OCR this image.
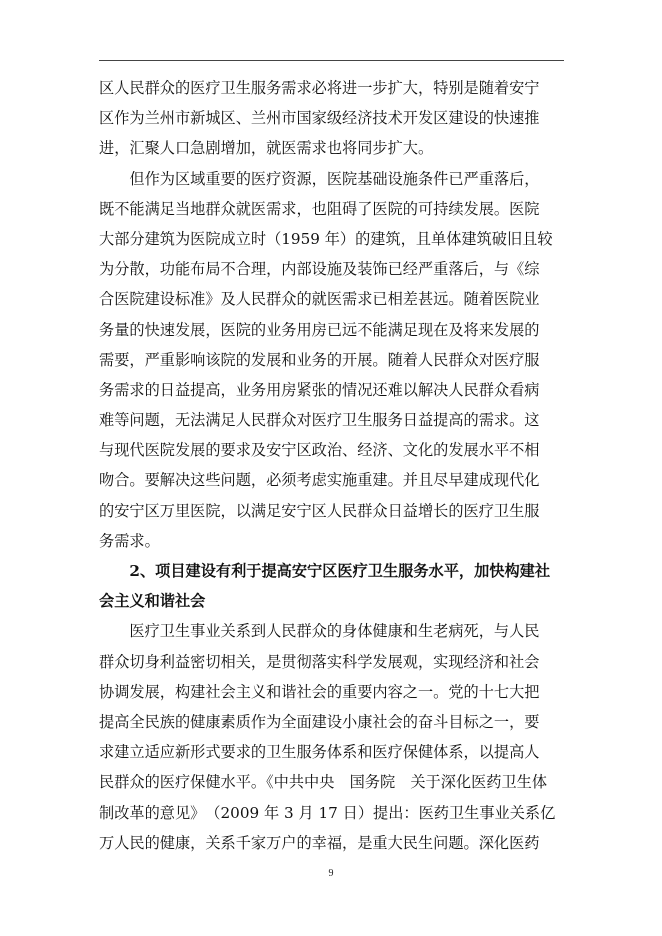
区人民群众的医疗卫生服务需求必将进一步扩大，特别是随着安宁
区作为兰州市新城区、兰州市国家级经济技术开发区建设的快速推
进，汇聚人口急剧增加，就医需求也将同步扩大。
　　但作为区域重要的医疗资源，医院基础设施条件已严重落后，
既不能满足当地群众就医需求，也阻碍了医院的可持续发展。医院
大部分建筑为医院成立时（1959 年）的建筑，且单体建筑破旧且较
为分散，功能布局不合理，内部设施及装饰已经严重落后，与《综
合医院建设标准》及人民群众的就医需求已相差甚远。随着医院业
务量的快速发展，医院的业务用房已远不能满足现在及将来发展的
需要，严重影响该院的发展和业务的开展。随着人民群众对医疗服
务需求的日益提高，业务用房紧张的情况还难以解决人民群众看病
难等问题，无法满足人民群众对医疗卫生服务日益提高的需求。这
与现代医院发展的要求及安宁区政治、经济、文化的发展水平不相
吻合。要解决这些问题，必须考虑实施重建。并且尽早建成现代化
的安宁区万里医院，以满足安宁区人民群众日益增长的医疗卫生服
务需求。
　　2、项目建设有利于提高安宁区医疗卫生服务水平，加快构建社
会主义和谐社会
　　医疗卫生事业关系到人民群众的身体健康和生老病死，与人民
群众切身利益密切相关，是贯彻落实科学发展观，实现经济和社会
协调发展，构建社会主义和谐社会的重要内容之一。党的十七大把
提高全民族的健康素质作为全面建设小康社会的奋斗目标之一，要
求建立适应新形式要求的卫生服务体系和医疗保健体系，以提高人
民群众的医疗保健水平。《中共中央　国务院　关于深化医药卫生体
制改革的意见》　（2009 年 3 月 17 日）提出：医药卫生事业关系亿
万人民的健康，关系千家万户的幸福，是重大民生问题。深化医药
9
